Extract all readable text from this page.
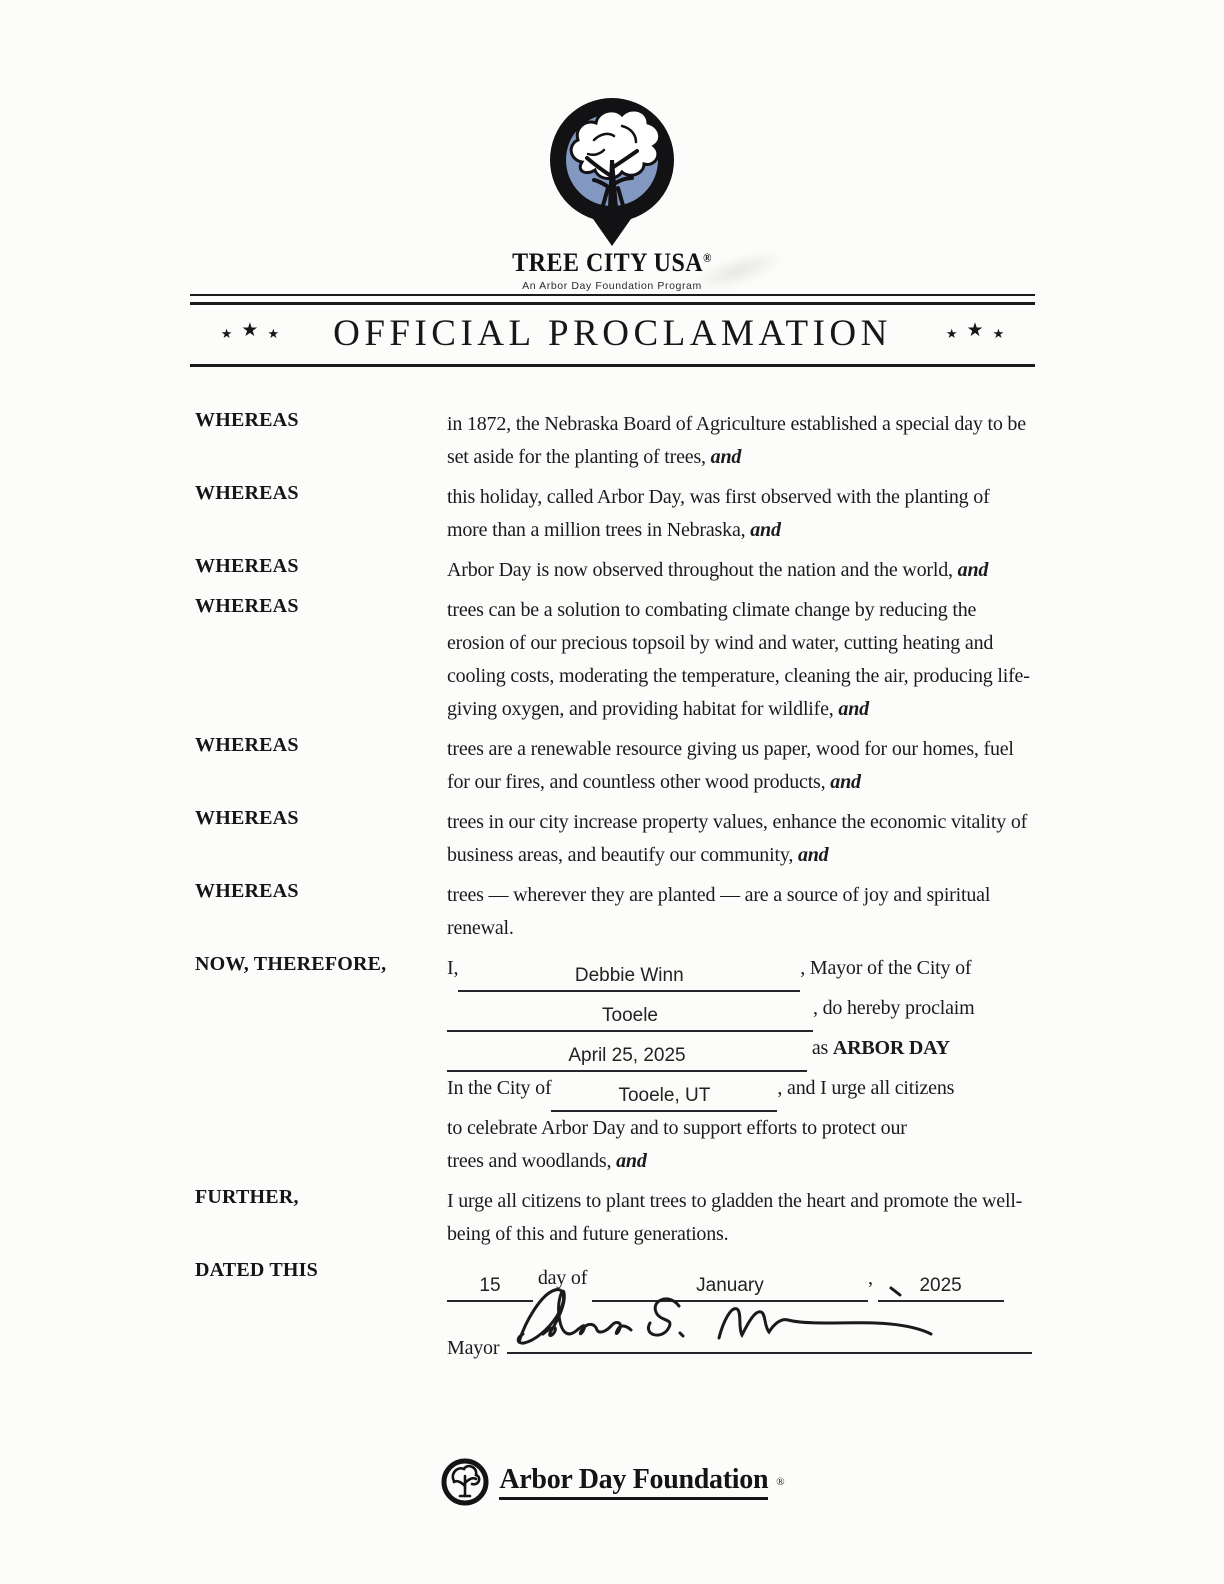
TREE CITY USA®
An Arbor Day Foundation Program
★ ★ ★ OFFICIAL PROCLAMATION	★ ★ ★
WHEREAS	in 1872, the Nebraska Board of Agriculture established a special day to be set aside for the planting of trees, and
WHEREAS	this holiday, called Arbor Day, was first observed with the planting of more than a million trees in Nebraska, and
WHEREAS	Arbor Day is now observed throughout the nation and the world, and
WHEREAS	trees can be a solution to combating climate change by reducing the erosion of our precious topsoil by wind and water, cutting heating and cooling costs, moderating the temperature, cleaning the air, producing life-giving oxygen, and providing habitat for wildlife, and
WHEREAS	trees are a renewable resource giving us paper, wood for our homes, fuel for our fires, and countless other wood products, and
WHEREAS	trees in our city increase property values, enhance the economic vitality of business areas, and beautify our community, and
WHEREAS	trees — wherever they are planted — are a source of joy and spiritual renewal.
NOW, THEREFORE,	I,	Debbie Winn	, Mayor of the City of
Tooele	, do hereby proclaim
April 25, 2025	as ARBOR DAY
In the City of	Tooele, UT	, and I urge all citizens
to celebrate Arbor Day and to support efforts to protect our
trees and woodlands, and
FURTHER,	I urge all citizens to plant trees to gladden the heart and promote the well-being of this and future generations.
DATED THIS
15 day of	January	, 2025
Mayor
Arbor Day Foundation ®
